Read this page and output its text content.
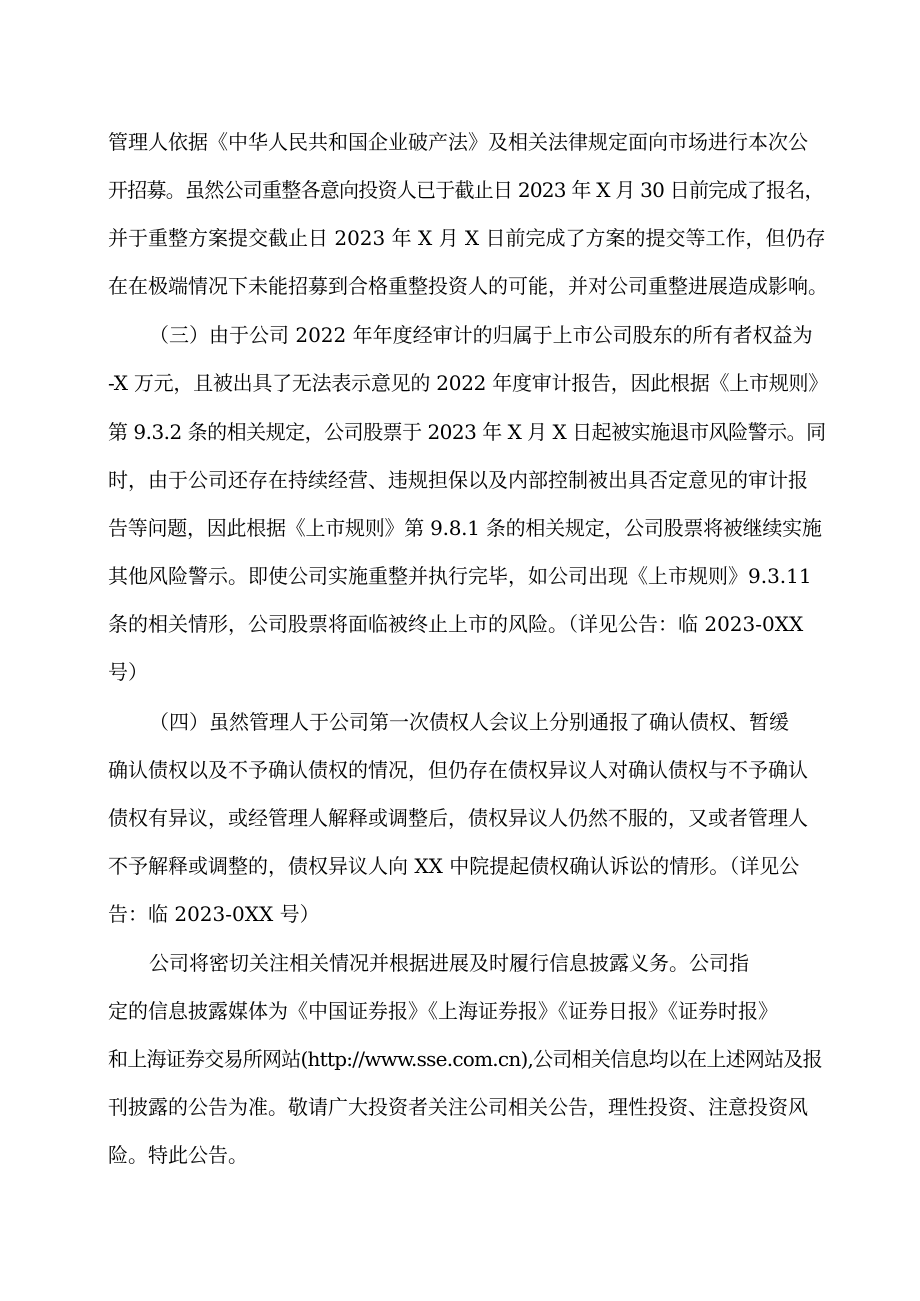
管理人依据《中华人民共和国企业破产法》及相关法律规定面向市场进行本次公
开招募。虽然公司重整各意向投资人已于截止日 2023 年 X 月 30 日前完成了报名，
并于重整方案提交截止日 2023 年 X 月 X 日前完成了方案的提交等工作，但仍存
在在极端情况下未能招募到合格重整投资人的可能，并对公司重整进展造成影响。
（三）由于公司 2022 年年度经审计的归属于上市公司股东的所有者权益为
-X 万元，且被出具了无法表示意见的 2022 年度审计报告，因此根据《上市规则》
第 9.3.2 条的相关规定，公司股票于 2023 年 X 月 X 日起被实施退市风险警示。同
时，由于公司还存在持续经营、违规担保以及内部控制被出具否定意见的审计报
告等问题，因此根据《上市规则》第 9.8.1 条的相关规定，公司股票将被继续实施
其他风险警示。即使公司实施重整并执行完毕，如公司出现《上市规则》9.3.11
条的相关情形，公司股票将面临被终止上市的风险。（详见公告：临 2023-0XX
号）
（四）虽然管理人于公司第一次债权人会议上分别通报了确认债权、暂缓
确认债权以及不予确认债权的情况，但仍存在债权异议人对确认债权与不予确认
债权有异议，或经管理人解释或调整后，债权异议人仍然不服的，又或者管理人
不予解释或调整的，债权异议人向 XX 中院提起债权确认诉讼的情形。（详见公
告：临 2023-0XX 号）
公司将密切关注相关情况并根据进展及时履行信息披露义务。公司指
定的信息披露媒体为《中国证券报》《上海证券报》《证券日报》《证券时报》
和上海证券交易所网站(http://www.sse.com.cn),公司相关信息均以在上述网站及报
刊披露的公告为准。敬请广大投资者关注公司相关公告，理性投资、注意投资风
险。特此公告。
